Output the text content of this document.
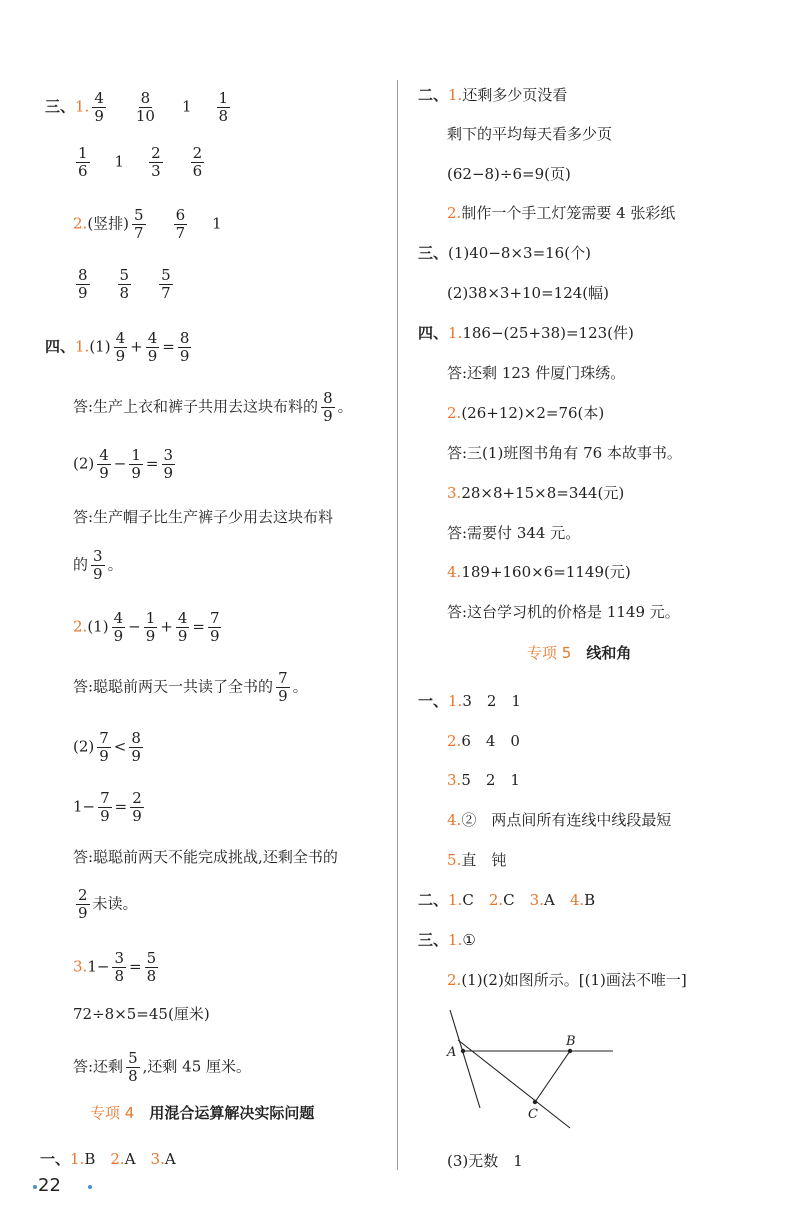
三、1. $\frac{4}{9} \frac{8}{10} 1 \frac{1}{8}$
$\frac{1}{6} 1 \frac{2}{3} \frac{2}{6}$
2.(竖排) $\frac{5}{7} \frac{6}{7} 1$
$\frac{8}{9} \frac{5}{8} \frac{5}{7}$
四、$1.(1) \frac{4}{9} + \frac{4}{9} = \frac{8}{9}$
答:生产上衣和裤子共用去这块布料的 $\frac{8}{9}$ 。
$(2) \frac{4}{9} - \frac{1}{9} = \frac{3}{9}$
答:生产帽子比生产裤子少用去这块布料
的 $\frac{3}{9}$ 。
$2.(1) \frac{4}{9} - \frac{1}{9} + \frac{4}{9} = \frac{7}{9}$
答:聪聪前两天一共读了全书的 $\frac{7}{9}$ 。
$(2) \frac{7}{9} < \frac{8}{9}$
$1- \frac{7}{9} = \frac{2}{9}$
答:聪聪前两天不能完成挑战,还剩全书的
$\frac{2}{9}$ 未读。
$3.1- \frac{3}{8} = \frac{5}{8}$
72÷8×5=45(厘米)
答:还剩 $\frac{5}{8}$ ,还剩 45 厘米。
专项 4　 用混合运算解决实际问题
一、1.B　 2.A　 3.A
二、1.还剩多少页没看
剩下的平均每天看多少页
(62−8)÷6=9(页)
2.制作一个手工灯笼需要 4 张彩纸
三、(1)40−8×3=16(个)
(2)38×3+10=124(幅)
四、1.186−(25+38)=123(件)
答:还剩 123 件厦门珠绣。
2.(26+12)×2=76(本)
答:三(1)班图书角有 76 本故事书。
3.28×8+15×8=344(元)
答:需要付 344 元。
4.189+160×6=1149(元)
答:这台学习机的价格是 1149 元。
专项 5　 线和角
一、1.3　2　1
2.6　4　0
3.5　2　1
4.②　两点间所有连线中线段最短
5.直　钝
二、1.C　 2.C　 3.A　 4.B
三、1.①
2.(1)(2)如图所示。[(1)画法不唯一]
A
B
C
(3)无数　1
22
